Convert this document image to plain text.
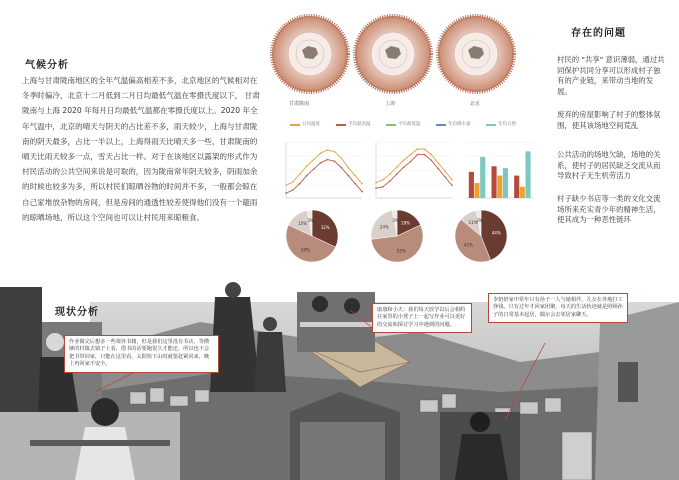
气候分析
上海与甘肃陇南地区的全年气温偏高相差不多，北京地区的气候相对在冬季时偏冷，北京十二月低到二月日均最低气温在零摄氏度以下， 甘肃陇南与上海 2020 年每月日均最低气温都在零摄氏度以上。2020 年全年气温中，北京的晴天与阴天的占比差不多，雨天较少，上海与甘肃陇南的阴天最多，占比一半以上，上海得雨天比晴天多一些，甘肃陇南的晴天比雨天较多一点，雪天占比一样。对于在该地区以露架的形式作为村民活动的公共空间来说是可取的，因为陇南常年阴天较多，阴雨加余的时候也较多为多，所以村民们晾晒谷物的时间并不多，一般都会晾在自己家堆放杂物的房间，但是房间的通透性较差使得他们没有一个避雨的晾晒场地，所以这个空间也可以让村民用来晾粮食。
甘肃陇南	上海	北京
日均温度	平均最高温	平均最低温	年均降水量	年均日照
32%
50%
15%
3%	18%
55%
24%
3%
44%
42%
11%
3%
存在的问题
村民的 "共享" 意识薄弱，通过共同保护共同分享可以形成村子独有的产业链，来带动当地的发展。
废弃的房屋影响了村子的整体氛围，使其该场地空间荒乱
公共活动的场地欠缺，场地的关系，使村子的居民缺乏交流从而导致村子无生机劳活力
村子缺少书店等一类的文化交流场所来充实青少年的精神生活，使其成为一种恶性链环
现状分析
作业做完后想多一些课外书籍，但是我们这里没有书店，等攒够的村镇去镇子上看，借书的话要跑很久才能还，所以也不会把书带回家，只能在这里看，太阳快下山时就要赶紧回来，晚上再回家不安全。
康康和小夫：我们每天放学以后会相约在家里的小凳子上一起写作业可以更好的交流和探讨学习中遇到的问题。
李奶奶家中常年只有孙子一人与她相伴，儿女在外地打工挣钱，只有过年才回家团聚。每天的生活轨迹就是照顾孙子的日常基本起居，偶尔会去邻居家聊天。
